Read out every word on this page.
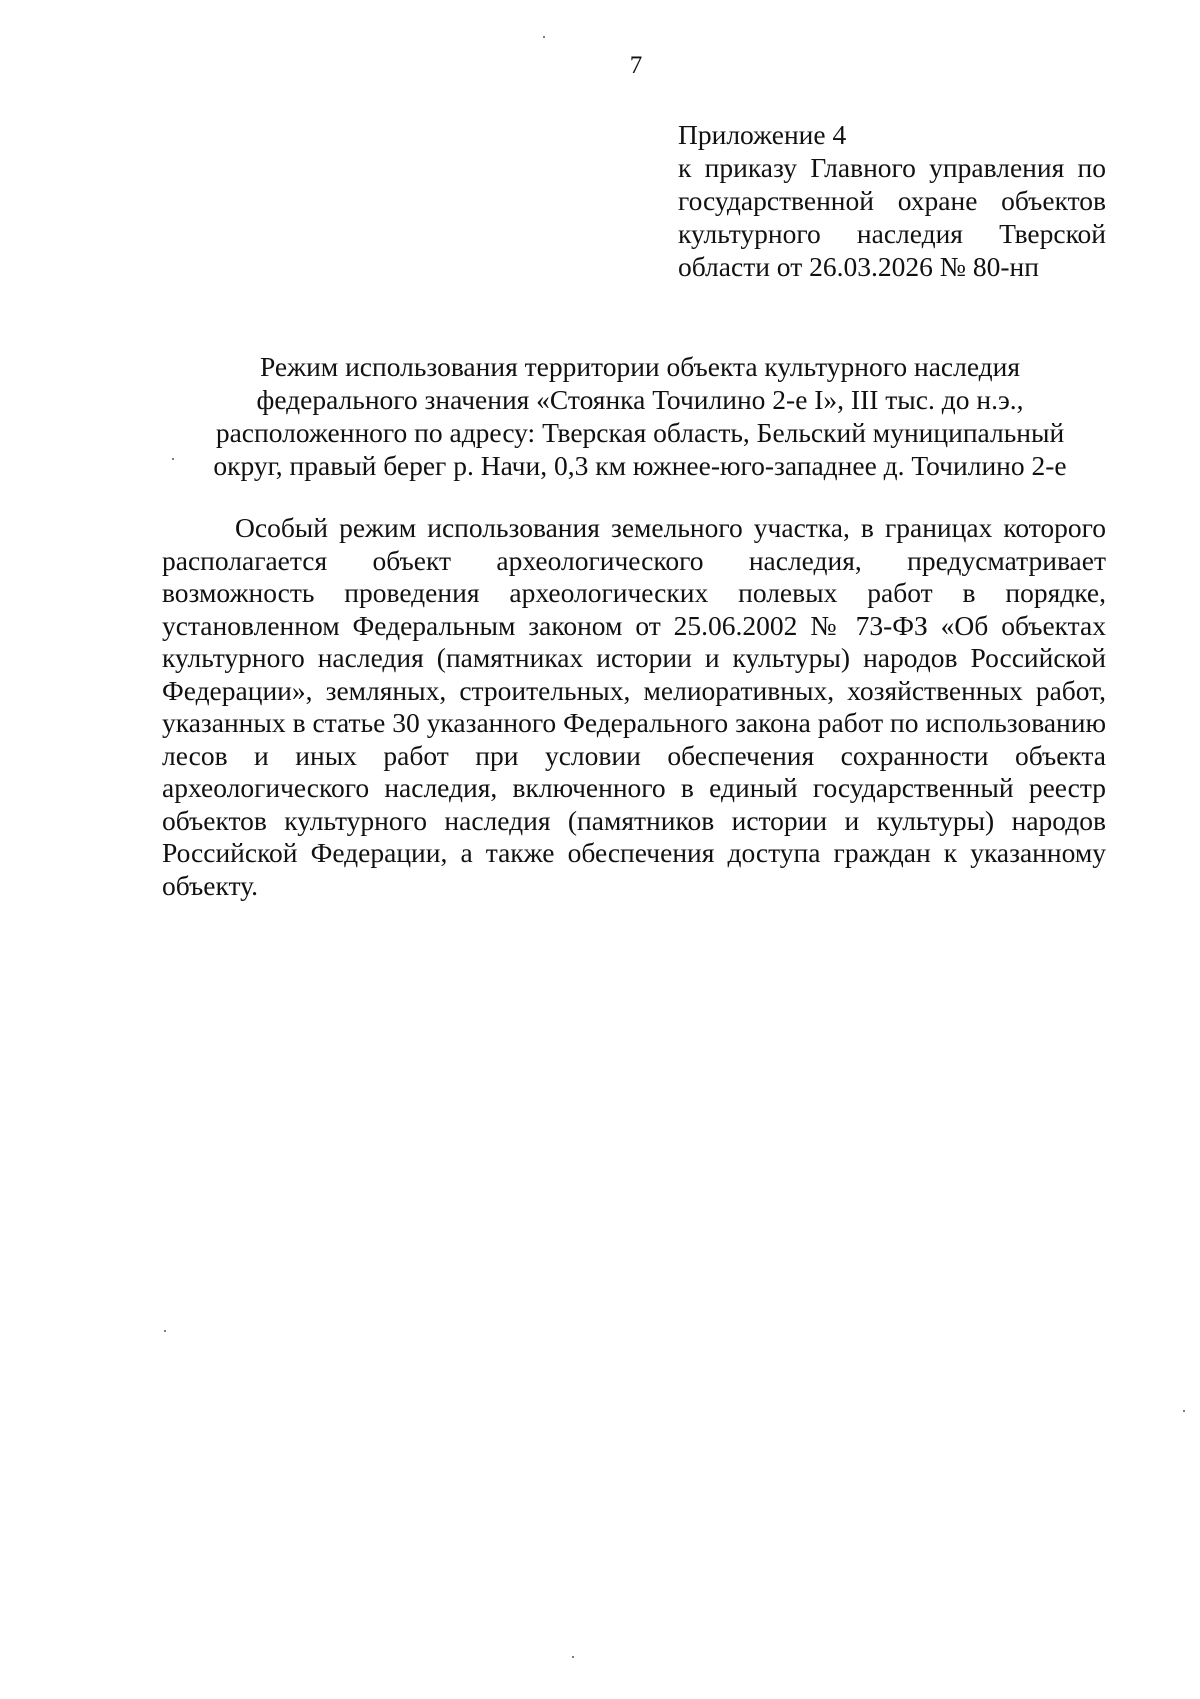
7
Приложение 4
к приказу Главного управления по государственной охране объектов культурного наследия Тверской области от 26.03.2026 № 80-нп
Режим использования территории объекта культурного наследия
федерального значения «Стоянка Точилино 2-е I», III тыс. до н.э.,
расположенного по адресу: Тверская область, Бельский муниципальный
округ, правый берег р. Начи, 0,3 км южнее-юго-западнее д. Точилино 2-е

Особый режим использования земельного участка, в границах которого располагается объект археологического наследия, предусматривает возможность проведения археологических полевых работ в порядке, установленном Федеральным законом от 25.06.2002 № 73-ФЗ «Об объектах культурного наследия (памятниках истории и культуры) народов Российской Федерации», земляных, строительных, мелиоративных, хозяйственных работ, указанных в статье 30 указанного Федерального закона работ по использованию лесов и иных работ при условии обеспечения сохранности объекта археологического наследия, включенного в единый государственный реестр объектов культурного наследия (памятников истории и культуры) народов Российской Федерации, а также обеспечения доступа граждан к указанному объекту.
